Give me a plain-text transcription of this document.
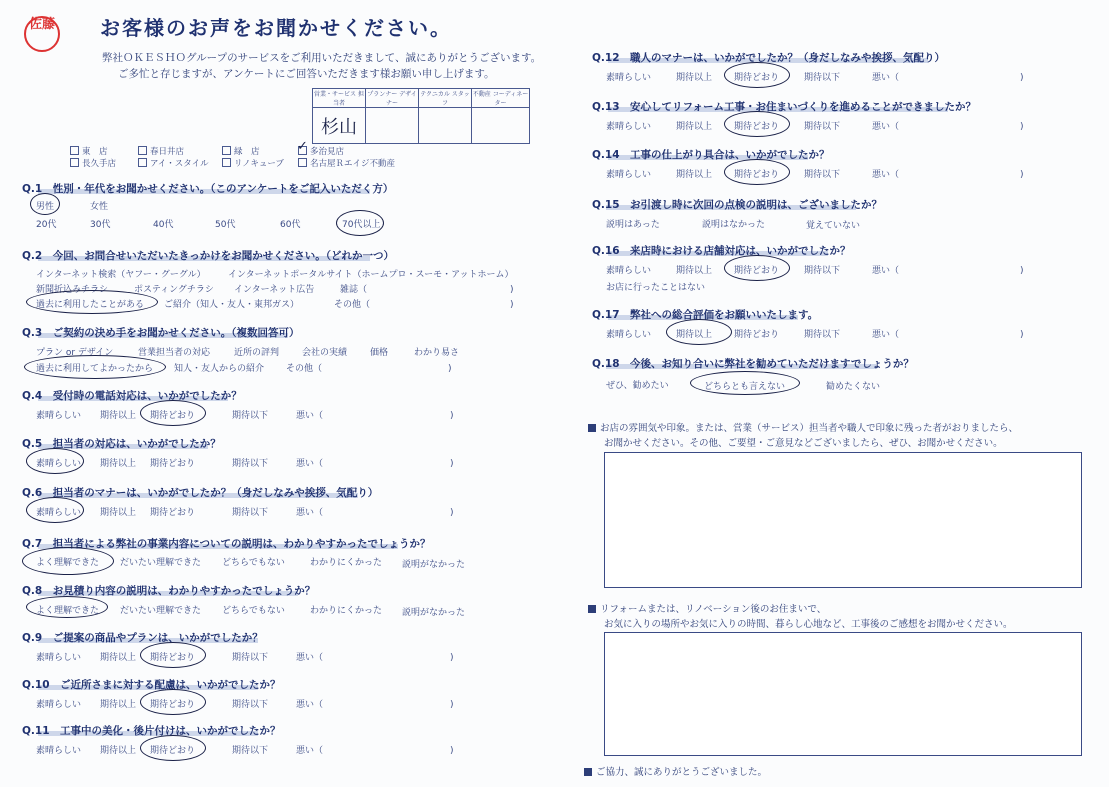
佐藤 お客様のお声をお聞かせください。
弊社ＯＫＥＳＨＯグループのサービスをご利用いただきまして、誠にありがとうございます。
ご多忙と存じますが、アンケートにご回答いただきます様お願い申し上げます。
営業・サービス 担当者	プランナー デザイナー	テクニカル スタッフ	不動産 コーディネーター
杉山			
東　店	春日井店	緑　店	多治見店
✓
長久手店	アイ・スタイル	リノキューブ	名古屋Ｒエイジ不動産
Q.1　性別・年代をお聞かせください。（このアンケートをご記入いただく方）
男性	女性
20代	30代	40代	50代	60代	70代以上
Q.2　今回、お問合せいただいたきっかけをお聞かせください。（どれか一つ）
インターネット検索（ヤフー・グーグル） インターネットポータルサイト（ホームプロ・スーモ・アットホーム）
新聞折込みチラシ	ポスティングチラシ インターネット広告	雑誌（	)
過去に利用したことがある ご紹介（知人・友人・東邦ガス）	その他（	)
Q.3　ご契約の決め手をお聞かせください。（複数回答可）
プラン or デザイン	営業担当者の対応	近所の評判	会社の実績	価格	わかり易さ
過去に利用してよかったから 知人・友人からの紹介 その他（	)
Q.4　受付時の電話対応は、いかがでしたか？
素晴らしい 期待以上 期待どおり	期待以下	悪い（	)
Q.5　担当者の対応は、いかがでしたか？
素晴らしい 期待以上 期待どおり	期待以下	悪い（	)
Q.6　担当者のマナーは、いかがでしたか？（身だしなみや挨拶、気配り）
素晴らしい 期待以上 期待どおり	期待以下	悪い（	)
Q.9　ご提案の商品やプランは、いかがでしたか？
素晴らしい 期待以上 期待どおり	期待以下	悪い（	)
Q.10　ご近所さまに対する配慮は、いかがでしたか？
素晴らしい 期待以上 期待どおり	期待以下	悪い（	)
Q.11　工事中の美化・後片付けは、いかがでしたか？
素晴らしい 期待以上 期待どおり	期待以下	悪い（	)
Q.12　職人のマナーは、いかがでしたか？（身だしなみや挨拶、気配り）
素晴らしい	期待以上 期待どおり	期待以下	悪い（	)
Q.13　安心してリフォーム工事・お住まいづくりを進めることができましたか？
素晴らしい	期待以上 期待どおり	期待以下	悪い（	)
Q.14　工事の仕上がり具合は、いかがでしたか？
素晴らしい	期待以上 期待どおり	期待以下	悪い（	)
Q.16　来店時における店舗対応は、いかがでしたか？
素晴らしい	期待以上 期待どおり	期待以下	悪い（	)
Q.17　弊社への総合評価をお願いいたします。
素晴らしい	期待以上 期待どおり	期待以下	悪い（	)
Q.7　担当者による弊社の事業内容についての説明は、わかりやすかったでしょうか？
よく理解できた だいたい理解できた どちらでもない	わかりにくかった 説明がなかった
Q.8　お見積り内容の説明は、わかりやすかったでしょうか？
よく理解できた だいたい理解できた どちらでもない	わかりにくかった 説明がなかった
Q.15　お引渡し時に次回の点検の説明は、ございましたか？
説明はあった	説明はなかった	覚えていない
お店に行ったことはない
Q.18　今後、お知り合いに弊社を勧めていただけますでしょうか？
ぜひ、勧めたい	どちらとも言えない	勧めたくない
お店の雰囲気や印象。または、営業（サービス）担当者や職人で印象に残った者がおりましたら、
お聞かせください。その他、ご要望・ご意見などございましたら、ぜひ、お聞かせください。
リフォームまたは、リノベーション後のお住まいで、
お気に入りの場所やお気に入りの時間、暮らし心地など、工事後のご感想をお聞かせください。
ご協力、誠にありがとうございました。
